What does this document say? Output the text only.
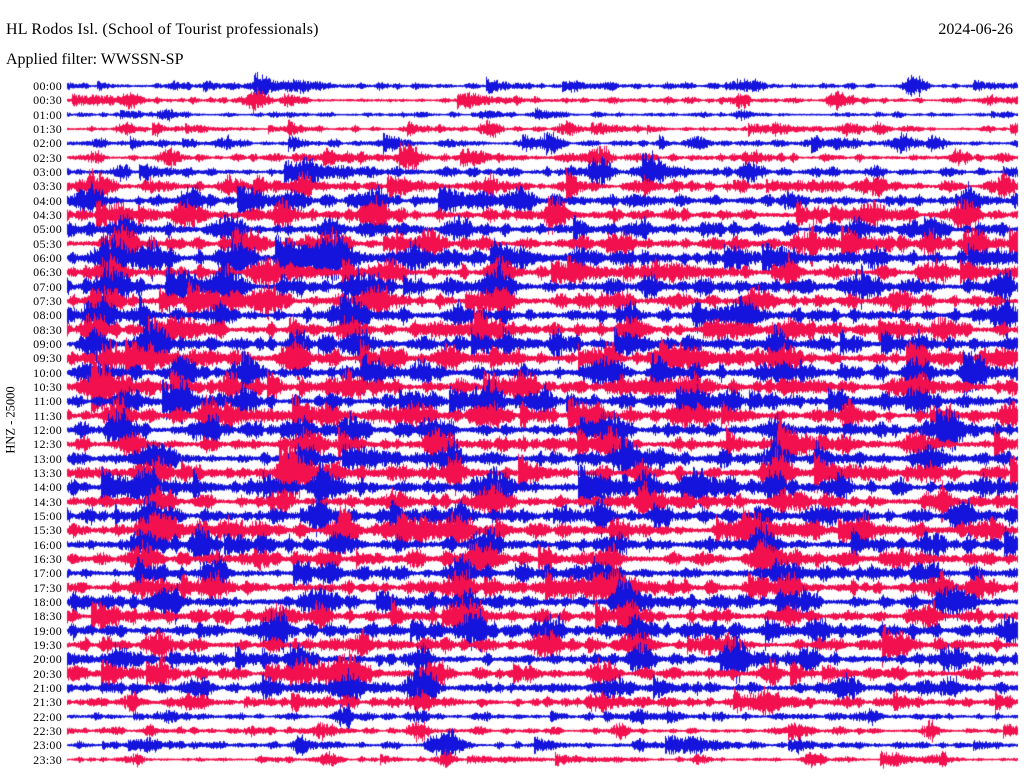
HL Rodos Isl. (School of Tourist professionals)	2024-06-26
Applied filter: WWSSN-SP
HNZ - 25000
00:00
00:30
01:00
01:30
02:00
02:30
03:00
03:30
04:00
04:30
05:00
05:30
06:00
06:30
07:00
07:30
08:00
08:30
09:00
09:30
10:00
10:30
11:00
11:30
12:00
12:30
13:00
13:30
14:00
14:30
15:00
15:30
16:00
16:30
17:00
17:30
18:00
18:30
19:00
19:30
20:00
20:30
21:00
21:30
22:00
22:30
23:00
23:30
